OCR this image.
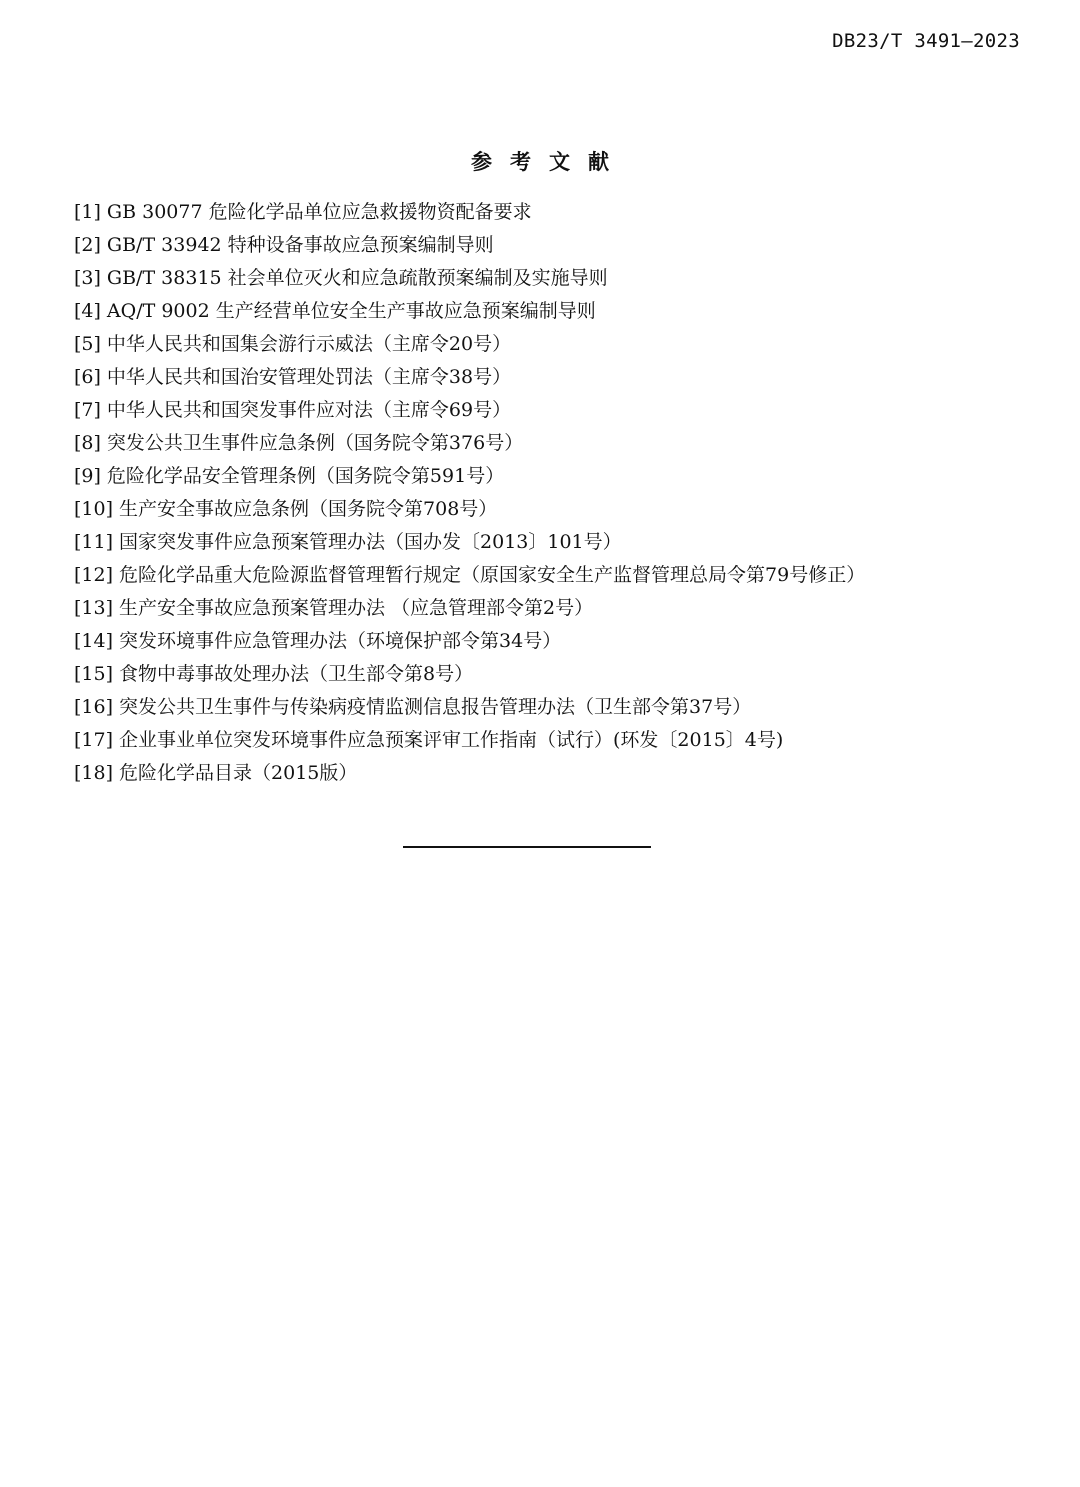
DB23/T 3491—2023
参考文献
[1] GB 30077 危险化学品单位应急救援物资配备要求
[2] GB/T 33942 特种设备事故应急预案编制导则
[3] GB/T 38315 社会单位灭火和应急疏散预案编制及实施导则
[4] AQ/T 9002 生产经营单位安全生产事故应急预案编制导则
[5] 中华人民共和国集会游行示威法（主席令20号）
[6] 中华人民共和国治安管理处罚法（主席令38号）
[7] 中华人民共和国突发事件应对法（主席令69号）
[8] 突发公共卫生事件应急条例（国务院令第376号）
[9] 危险化学品安全管理条例（国务院令第591号）
[10] 生产安全事故应急条例（国务院令第708号）
[11] 国家突发事件应急预案管理办法（国办发〔2013〕101号）
[12] 危险化学品重大危险源监督管理暂行规定（原国家安全生产监督管理总局令第79号修正）
[13] 生产安全事故应急预案管理办法 （应急管理部令第2号）
[14] 突发环境事件应急管理办法（环境保护部令第34号）
[15] 食物中毒事故处理办法（卫生部令第8号）
[16] 突发公共卫生事件与传染病疫情监测信息报告管理办法（卫生部令第37号）
[17] 企业事业单位突发环境事件应急预案评审工作指南（试行）(环发〔2015〕4号)
[18] 危险化学品目录（2015版）
